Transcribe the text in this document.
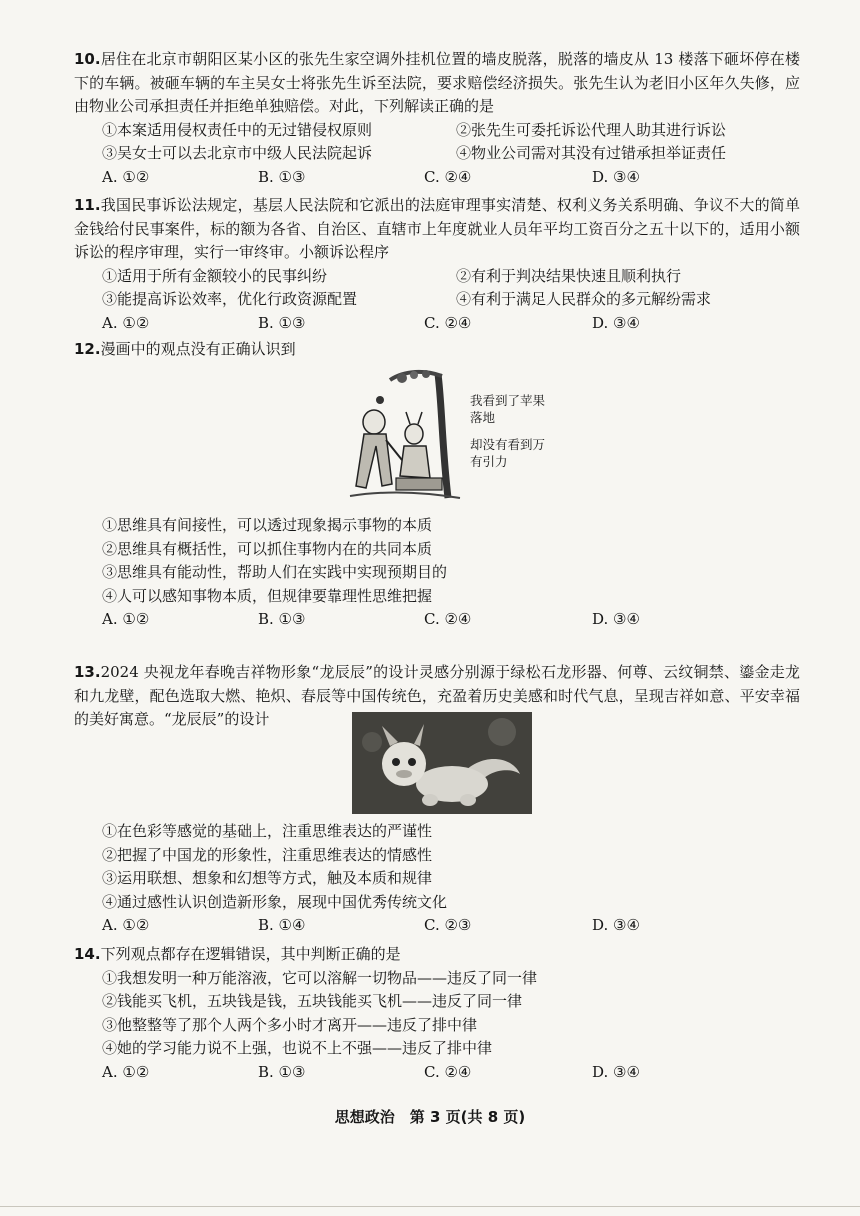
10.居住在北京市朝阳区某小区的张先生家空调外挂机位置的墙皮脱落，脱落的墙皮从 13 楼落下砸坏停在楼下的车辆。被砸车辆的车主吴女士将张先生诉至法院，要求赔偿经济损失。张先生认为老旧小区年久失修，应由物业公司承担责任并拒绝单独赔偿。对此，下列解读正确的是

①本案适用侵权责任中的无过错侵权原则	②张先生可委托诉讼代理人助其进行诉讼
③吴女士可以去北京市中级人民法院起诉	④物业公司需对其没有过错承担举证责任
A. ①②	B. ①③	C. ②④	D. ③④

11.我国民事诉讼法规定，基层人民法院和它派出的法庭审理事实清楚、权利义务关系明确、争议不大的简单金钱给付民事案件，标的额为各省、自治区、直辖市上年度就业人员年平均工资百分之五十以下的，适用小额诉讼的程序审理，实行一审终审。小额诉讼程序

①适用于所有金额较小的民事纠纷	②有利于判决结果快速且顺利执行
③能提高诉讼效率，优化行政资源配置	④有利于满足人民群众的多元解纷需求
A. ①②	B. ①③	C. ②④	D. ③④

12.漫画中的观点没有正确认识到

我看到了苹果落地
却没有看到万有引力

①思维具有间接性，可以透过现象揭示事物的本质

②思维具有概括性，可以抓住事物内在的共同本质

③思维具有能动性，帮助人们在实践中实现预期目的

④人可以感知事物本质，但规律要靠理性思维把握

A. ①②	B. ①③	C. ②④	D. ③④

13.2024 央视龙年春晚吉祥物形象“龙辰辰”的设计灵感分别源于绿松石龙形器、何尊、云纹铜禁、鎏金走龙和九龙壁，配色选取大燃、艳炽、春辰等中国传统色，充盈着历史美感和时代气息，呈现吉祥如意、平安幸福的美好寓意。“龙辰辰”的设计

①在色彩等感觉的基础上，注重思维表达的严谨性

②把握了中国龙的形象性，注重思维表达的情感性

③运用联想、想象和幻想等方式，触及本质和规律

④通过感性认识创造新形象，展现中国优秀传统文化

A. ①②	B. ①④	C. ②③	D. ③④

14.下列观点都存在逻辑错误，其中判断正确的是

①我想发明一种万能溶液，它可以溶解一切物品——违反了同一律

②钱能买飞机，五块钱是钱，五块钱能买飞机——违反了同一律

③他整整等了那个人两个多小时才离开——违反了排中律

④她的学习能力说不上强，也说不上不强——违反了排中律

A. ①②	B. ①③	C. ②④	D. ③④
思想政治　第 3 页(共 8 页)
